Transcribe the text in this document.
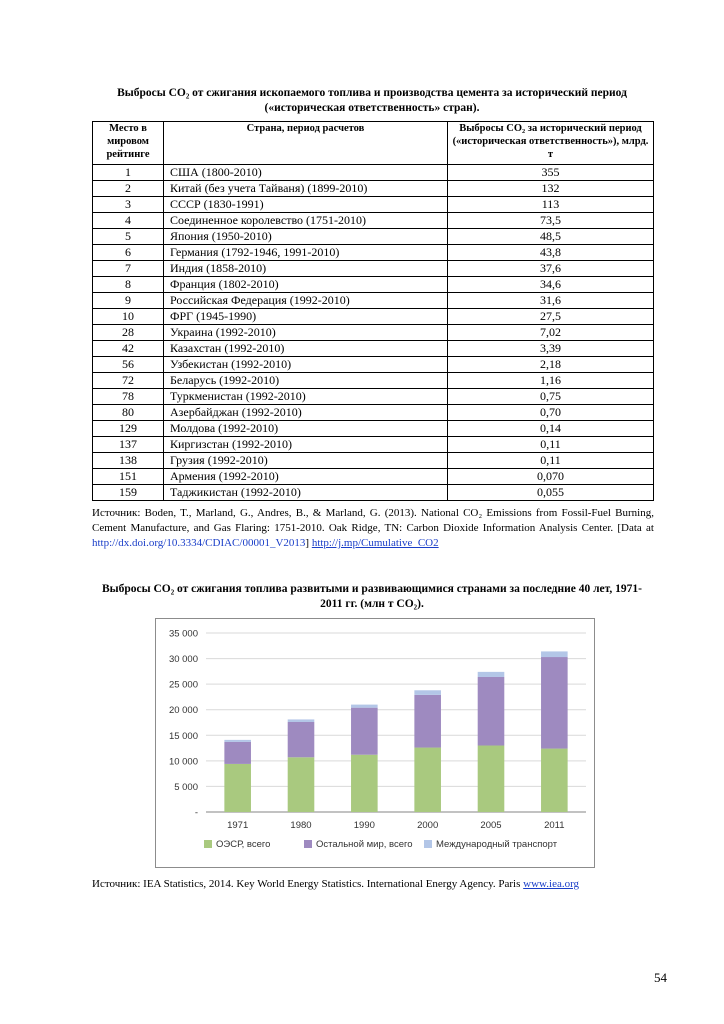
Выбросы CO₂ от сжигания ископаемого топлива и производства цемента за исторический период («историческая ответственность» стран).
Место в мировом рейтинге	Страна, период расчетов	Выбросы CO₂ за исторический период («историческая ответственность»), млрд. т
1	США (1800-2010)	355
2	Китай (без учета Тайваня) (1899-2010)	132
3	СССР (1830-1991)	113
4	Соединенное королевство (1751-2010)	73,5
5	Япония (1950-2010)	48,5
6	Германия (1792-1946, 1991-2010)	43,8
7	Индия (1858-2010)	37,6
8	Франция (1802-2010)	34,6
9	Российская Федерация (1992-2010)	31,6
10	ФРГ (1945-1990)	27,5
28	Украина (1992-2010)	7,02
42	Казахстан (1992-2010)	3,39
56	Узбекистан (1992-2010)	2,18
72	Беларусь (1992-2010)	1,16
78	Туркменистан (1992-2010)	0,75
80	Азербайджан (1992-2010)	0,70
129	Молдова (1992-2010)	0,14
137	Киргизстан (1992-2010)	0,11
138	Грузия (1992-2010)	0,11
151	Армения (1992-2010)	0,070
159	Таджикистан (1992-2010)	0,055
Источник: Boden, T., Marland, G., Andres, B., & Marland, G. (2013). National CO₂ Emissions from Fossil-Fuel Burning, Cement Manufacture, and Gas Flaring: 1751-2010. Oak Ridge, TN: Carbon Dioxide Information Analysis Center. [Data at http://dx.doi.org/10.3334/CDIAC/00001_V2013] http://j.mp/Cumulative_CO2
Выбросы CO₂ от сжигания топлива развитыми и развивающимися странами за последние 40 лет, 1971-2011 гг. (млн т CO₂).
-
5 000
10 000
15 000
20 000
25 000
30 000
35 000
1971	1980	1990	2000	2005	2011
ОЭСР, всего	Остальной мир, всего Международный транспорт
Источник: IEA Statistics, 2014. Key World Energy Statistics. International Energy Agency. Paris www.iea.org
54
